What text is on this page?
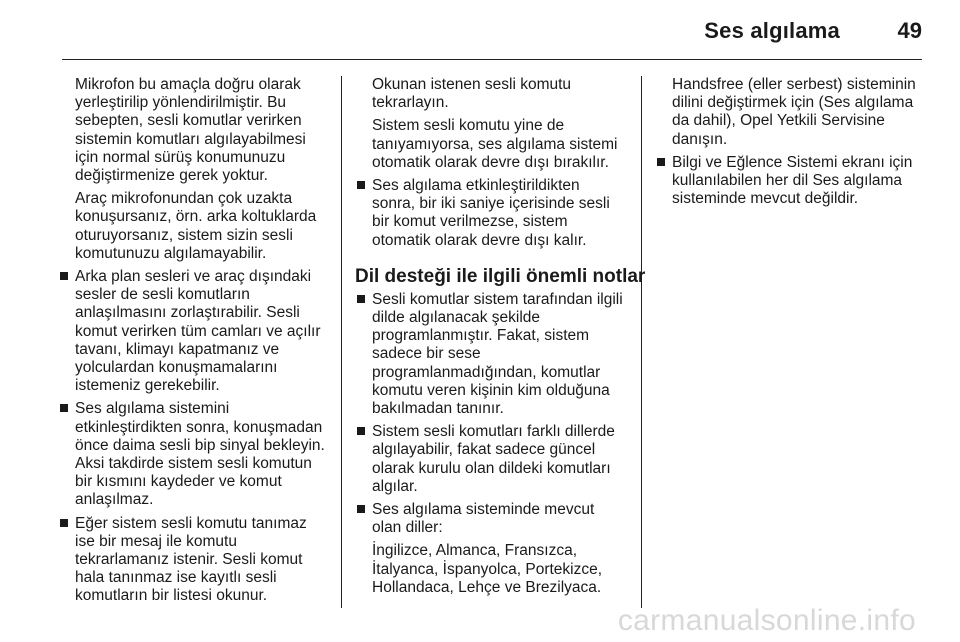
Ses algılama	49

Mikrofon bu amaçla doğru olarak yerleştirilip yönlendirilmiştir. Bu sebepten, sesli komutlar verirken sistemin komutları algılayabilmesi için normal sürüş konumunuzu değiştirmenize gerek yoktur.

Araç mikrofonundan çok uzakta konuşursanız, örn. arka koltuklarda oturuyorsanız, sistem sizin sesli komutunuzu algılamayabilir.

Arka plan sesleri ve araç dışındaki sesler de sesli komutların anlaşılmasını zorlaştırabilir. Sesli komut verirken tüm camları ve açılır tavanı, klimayı kapatmanız ve yolculardan konuşmamalarını istemeniz gerekebilir.
Ses algılama sistemini etkinleştirdikten sonra, konuşmadan önce daima sesli bip sinyal bekleyin. Aksi takdirde sistem sesli komutun bir kısmını kaydeder ve komut anlaşılmaz.
Eğer sistem sesli komutu tanımaz ise bir mesaj ile komutu tekrarlamanız istenir. Sesli komut hala tanınmaz ise kayıtlı sesli komutların bir listesi okunur.

Okunan istenen sesli komutu tekrarlayın.

Sistem sesli komutu yine de tanıyamıyorsa, ses algılama sistemi otomatik olarak devre dışı bırakılır.

Ses algılama etkinleştirildikten sonra, bir iki saniye içerisinde sesli bir komut verilmezse, sistem otomatik olarak devre dışı kalır.
Dil desteği ile ilgili önemli notlar
Sesli komutlar sistem tarafından ilgili dilde algılanacak şekilde programlanmıştır. Fakat, sistem sadece bir sese programlanmadığından, komutlar komutu veren kişinin kim olduğuna bakılmadan tanınır.
Sistem sesli komutları farklı dillerde algılayabilir, fakat sadece güncel olarak kurulu olan dildeki komutları algılar.
Ses algılama sisteminde mevcut olan diller:

İngilizce, Almanca, Fransızca, İtalyanca, İspanyolca, Portekizce, Hollandaca, Lehçe ve Brezilyaca.

Handsfree (eller serbest) sisteminin dilini değiştirmek için (Ses algılama da dahil), Opel Yetkili Servisine danışın.

Bilgi ve Eğlence Sistemi ekranı için kullanılabilen her dil Ses algılama sisteminde mevcut değildir.
carmanualsonline.info
